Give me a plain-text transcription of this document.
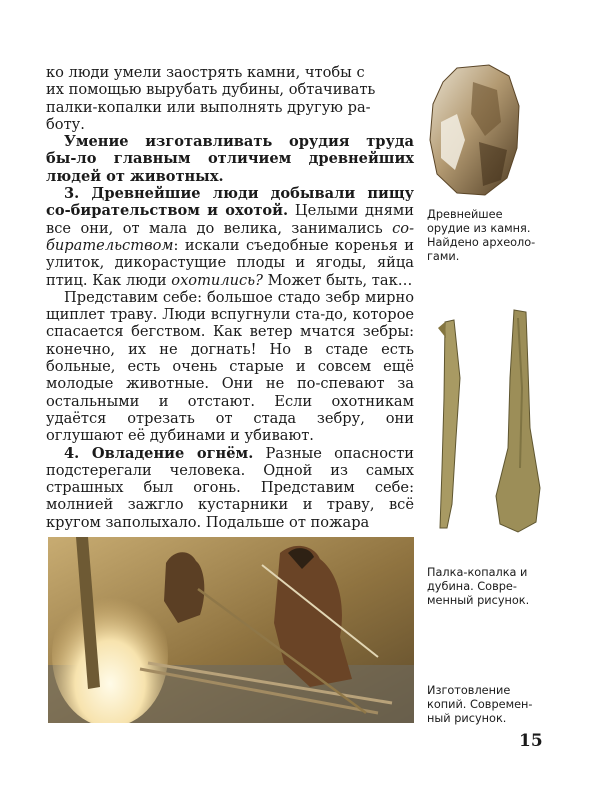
ко люди умели заострять камни, чтобы с

их помощью вырубать дубины, обтачивать

палки-копалки или выполнять другую ра-

боту.

Умение изготавливать орудия труда бы-ло главным отличием древнейших людей от животных.

3. Древнейшие люди добывали пищу со-бирательством и охотой. Целыми днями все они, от мала до велика, занимались со-бирательством: искали съедобные коренья и улиток, дикорастущие плоды и ягоды, яйца птиц. Как люди охотились? Может быть, так…

Представим себе: большое стадо зебр мирно щиплет траву. Люди вспугнули ста-до, которое спасается бегством. Как ветер мчатся зебры: конечно, их не догнать! Но в стаде есть больные, есть очень старые и совсем ещё молодые животные. Они не по-спевают за остальными и отстают. Если охотникам удаётся отрезать от стада зебру, они оглушают её дубинами и убивают.

4. Овладение огнём. Разные опасности подстерегали человека. Одной из самых страшных был огонь. Представим себе: молнией зажгло кустарники и траву, всё кругом заполыхало. Подальше от пожара

Древнейшее орудие из камня. Найдено археоло-гами.
Палка-копалка и дубина. Совре-менный рисунок.
Изготовление копий. Современ-ный рисунок.
15
